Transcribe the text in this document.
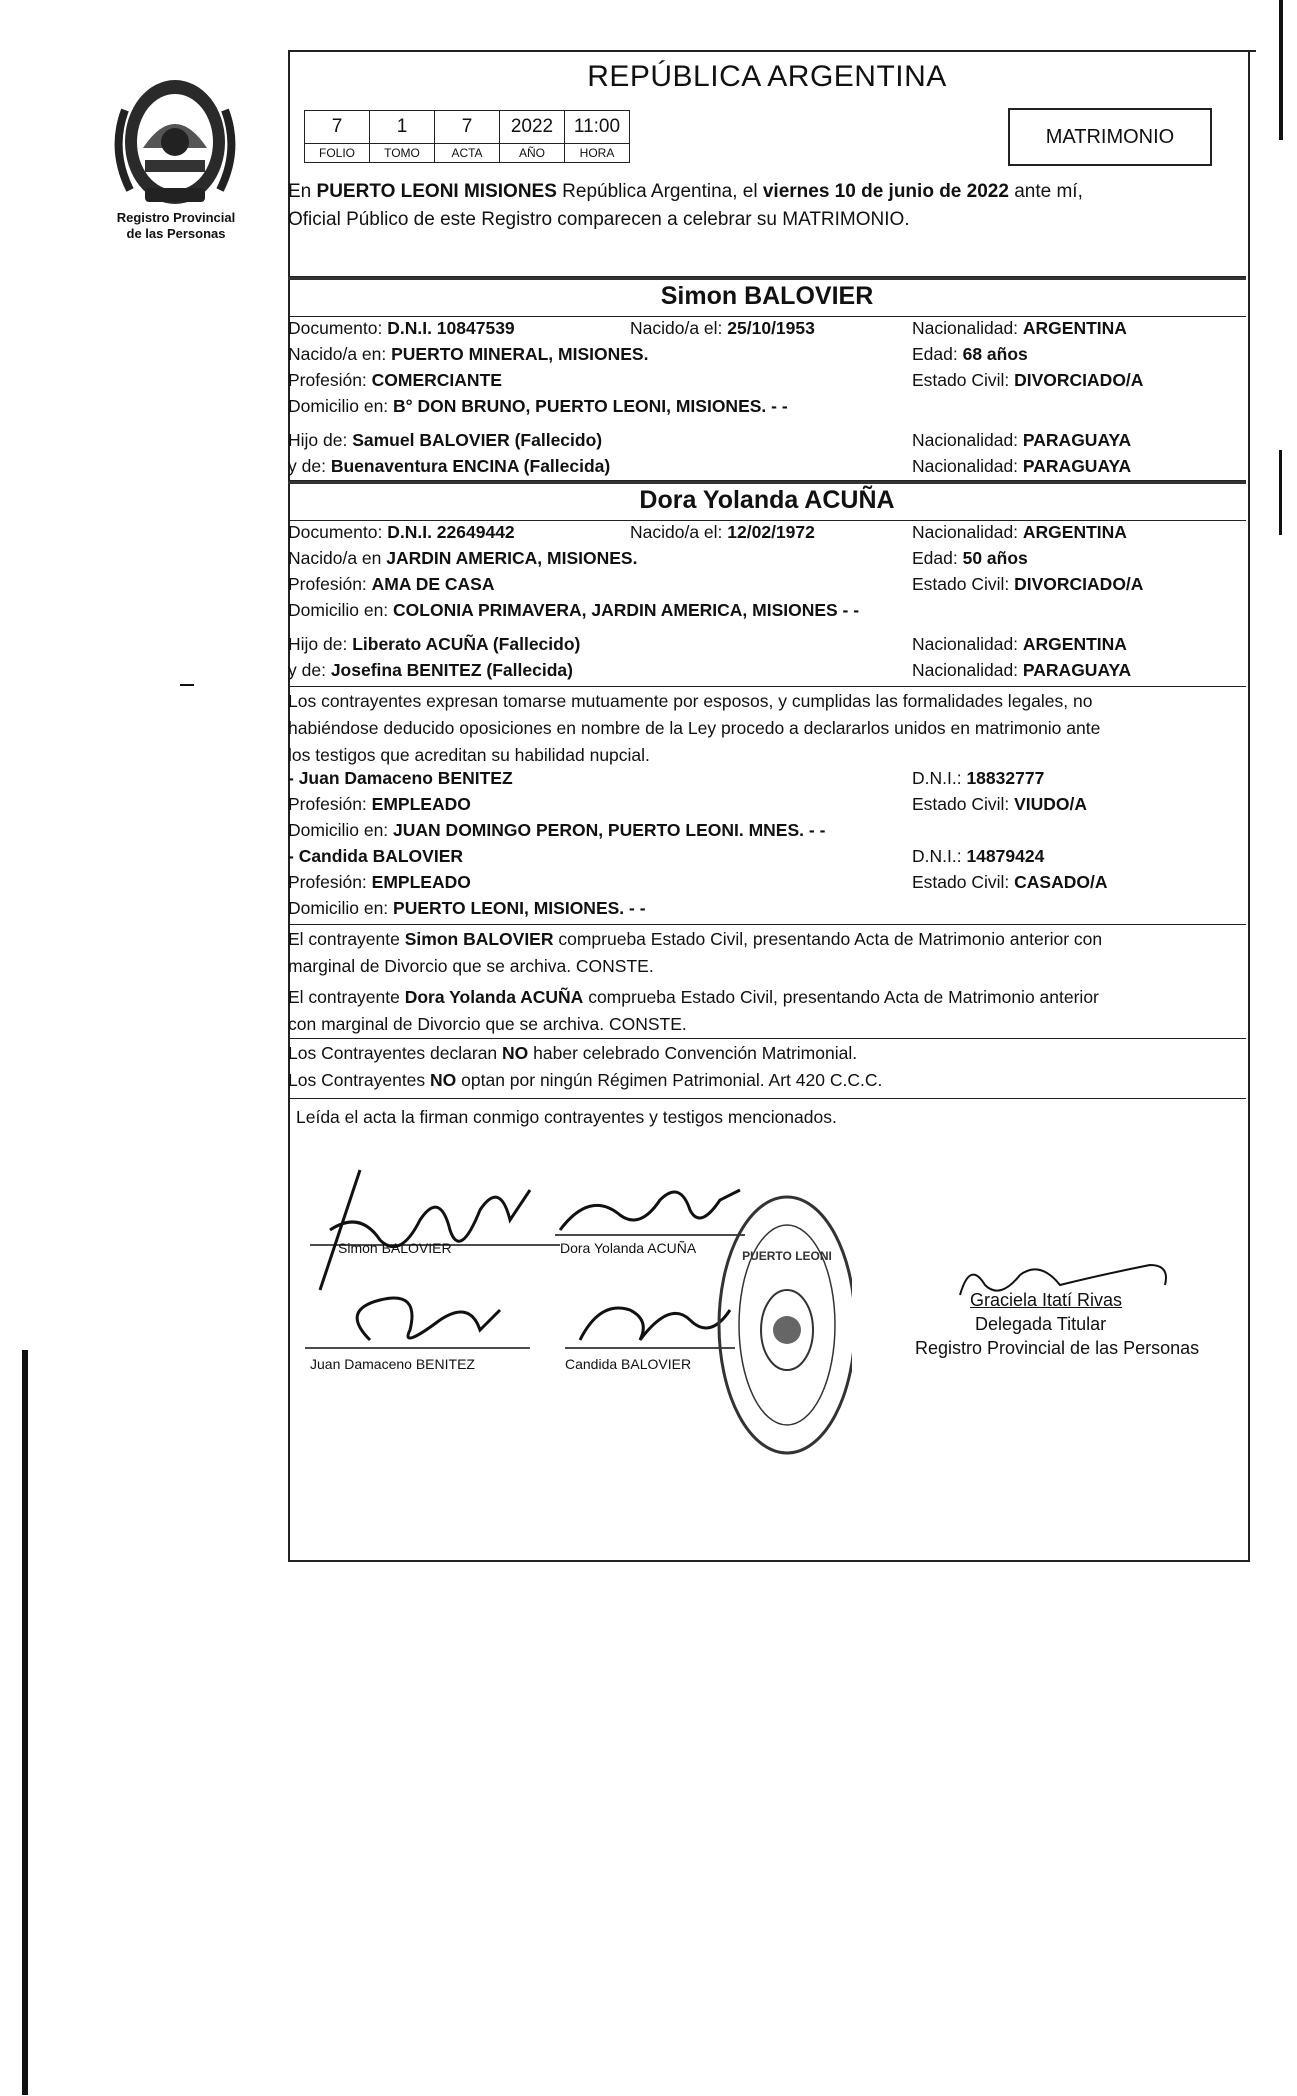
Registro Provincial
de las Personas
REPÚBLICA ARGENTINA
7	1	7	2022	11:00
FOLIO	TOMO	ACTA	AÑO	HORA
MATRIMONIO
En PUERTO LEONI MISIONES República Argentina, el viernes 10 de junio de 2022 ante mí,
Oficial Público de este Registro comparecen a celebrar su MATRIMONIO.
Simon BALOVIER
Documento: D.N.I. 10847539	Nacido/a el: 25/10/1953	Nacionalidad: ARGENTINA
Nacido/a en: PUERTO MINERAL, MISIONES.	Edad: 68 años
Profesión: COMERCIANTE	Estado Civil: DIVORCIADO/A
Domicilio en: B° DON BRUNO, PUERTO LEONI, MISIONES. - -
Hijo de: Samuel BALOVIER (Fallecido)	Nacionalidad: PARAGUAYA
y de: Buenaventura ENCINA (Fallecida)	Nacionalidad: PARAGUAYA
Dora Yolanda ACUÑA
Documento: D.N.I. 22649442	Nacido/a el: 12/02/1972	Nacionalidad: ARGENTINA
Nacido/a en JARDIN AMERICA, MISIONES.	Edad: 50 años
Profesión: AMA DE CASA	Estado Civil: DIVORCIADO/A
Domicilio en: COLONIA PRIMAVERA, JARDIN AMERICA, MISIONES - -
Hijo de: Liberato ACUÑA (Fallecido)	Nacionalidad: ARGENTINA
y de: Josefina BENITEZ (Fallecida)	Nacionalidad: PARAGUAYA
Los contrayentes expresan tomarse mutuamente por esposos, y cumplidas las formalidades legales, no
habiéndose deducido oposiciones en nombre de la Ley procedo a declararlos unidos en matrimonio ante
los testigos que acreditan su habilidad nupcial.
- Juan Damaceno BENITEZ	D.N.I.: 18832777
Profesión: EMPLEADO	Estado Civil: VIUDO/A
Domicilio en: JUAN DOMINGO PERON, PUERTO LEONI. MNES. - -
- Candida BALOVIER	D.N.I.: 14879424
Profesión: EMPLEADO	Estado Civil: CASADO/A
Domicilio en: PUERTO LEONI, MISIONES. - -
El contrayente Simon BALOVIER comprueba Estado Civil, presentando Acta de Matrimonio anterior con
marginal de Divorcio que se archiva. CONSTE.
El contrayente Dora Yolanda ACUÑA comprueba Estado Civil, presentando Acta de Matrimonio anterior
con marginal de Divorcio que se archiva. CONSTE.
Los Contrayentes declaran NO haber celebrado Convención Matrimonial.
Los Contrayentes NO optan por ningún Régimen Patrimonial. Art 420 C.C.C.
Leída el acta la firman conmigo contrayentes y testigos mencionados.
Simon BALOVIER	Dora Yolanda ACUÑA
Juan Damaceno BENITEZ	Candida BALOVIER
PUERTO LEONI
Graciela Itatí Rivas
Delegada Titular
Registro Provincial de las Personas
